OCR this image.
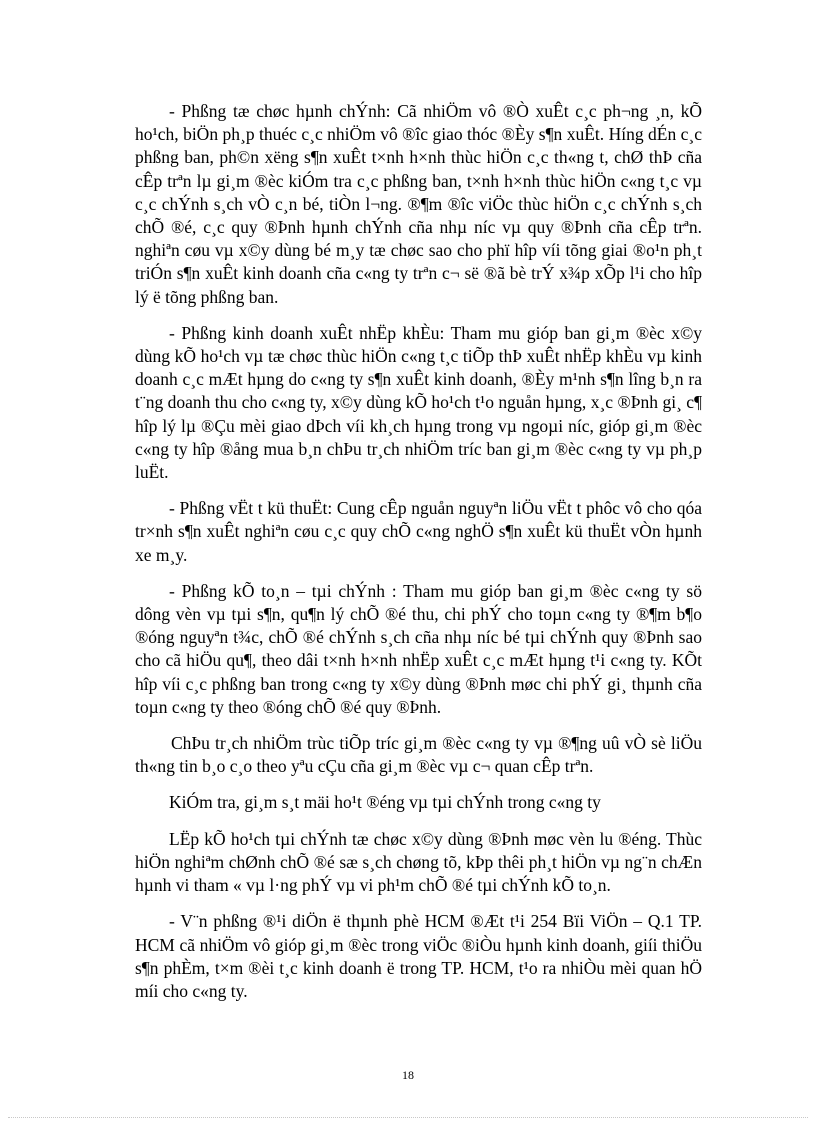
- Phßng tæ chøc hµnh chÝnh: Cã nhiÖm vô ®Ò xuÊt c¸c ph¬ng ¸n, kÕ ho¹ch, biÖn ph¸p thuéc c¸c nhiÖm vô ®îc giao thóc ®Èy s¶n xuÊt. Híng dÉn c¸c phßng ban, ph©n xëng s¶n xuÊt t×nh h×nh thùc hiÖn c¸c th«ng t, chØ thÞ cña cÊp trªn lµ gi¸m ®èc kiÓm tra c¸c phßng ban, t×nh h×nh thùc hiÖn c«ng t¸c vµ c¸c chÝnh s¸ch vÒ c¸n bé, tiÒn l¬ng. ®¶m ®îc viÖc thùc hiÖn c¸c chÝnh s¸ch chÕ ®é, c¸c quy ®Þnh hµnh chÝnh cña nhµ níc vµ quy ®Þnh cña cÊp trªn. nghiªn cøu vµ x©y dùng bé m¸y tæ chøc sao cho phï hîp víi tõng giai ®o¹n ph¸t triÓn s¶n xuÊt kinh doanh cña c«ng ty trªn c¬ së ®ã bè trÝ x¾p xÕp l¹i cho hîp lý ë tõng phßng ban.

- Phßng kinh doanh xuÊt nhËp khÈu: Tham mu gióp ban gi¸m ®èc x©y dùng kÕ ho¹ch vµ tæ chøc thùc hiÖn c«ng t¸c tiÕp thÞ xuÊt nhËp khÈu vµ kinh doanh c¸c mÆt hµng do c«ng ty s¶n xuÊt kinh doanh, ®Èy m¹nh s¶n lîng b¸n ra t¨ng doanh thu cho c«ng ty, x©y dùng kÕ ho¹ch t¹o nguån hµng, x¸c ®Þnh gi¸ c¶ hîp lý lµ ®Çu mèi giao dÞch víi kh¸ch hµng trong vµ ngoµi níc, gióp gi¸m ®èc c«ng ty hîp ®ång mua b¸n chÞu tr¸ch nhiÖm tríc ban gi¸m ®èc c«ng ty vµ ph¸p luËt.

- Phßng vËt t kü thuËt: Cung cÊp nguån nguyªn liÖu vËt t phôc vô cho qóa tr×nh s¶n xuÊt nghiªn cøu c¸c quy chÕ c«ng nghÖ s¶n xuÊt kü thuËt vÒn hµnh xe m¸y.

- Phßng kÕ to¸n – tµi chÝnh : Tham mu gióp ban gi¸m ®èc c«ng ty sö dông vèn vµ tµi s¶n, qu¶n lý chÕ ®é thu, chi phÝ cho toµn c«ng ty ®¶m b¶o ®óng nguyªn t¾c, chÕ ®é chÝnh s¸ch cña nhµ níc bé tµi chÝnh quy ®Þnh sao cho cã hiÖu qu¶, theo dâi t×nh h×nh nhËp xuÊt c¸c mÆt hµng t¹i c«ng ty. KÕt hîp víi c¸c phßng ban trong c«ng ty x©y dùng ®Þnh møc chi phÝ gi¸ thµnh cña toµn c«ng ty theo ®óng chÕ ®é quy ®Þnh.

ChÞu tr¸ch nhiÖm trùc tiÕp tríc gi¸m ®èc c«ng ty vµ ®¶ng uû vÒ sè liÖu th«ng tin b¸o c¸o theo yªu cÇu cña gi¸m ®èc vµ c¬ quan cÊp trªn.

KiÓm tra, gi¸m s¸t mäi ho¹t ®éng vµ tµi chÝnh trong c«ng ty

LËp kÕ ho¹ch tµi chÝnh tæ chøc x©y dùng ®Þnh møc vèn lu ®éng. Thùc hiÖn nghiªm chØnh chÕ ®é sæ s¸ch chøng tõ, kÞp thêi ph¸t hiÖn vµ ng¨n chÆn hµnh vi tham « vµ l·ng phÝ vµ vi ph¹m chÕ ®é tµi chÝnh kÕ to¸n.

- V¨n phßng ®¹i diÖn ë thµnh phè HCM ®Æt t¹i 254 Bïi ViÖn – Q.1 TP. HCM cã nhiÖm vô gióp gi¸m ®èc trong viÖc ®iÒu hµnh kinh doanh, giíi thiÖu s¶n phÈm, t×m ®èi t¸c kinh doanh ë trong TP. HCM, t¹o ra nhiÒu mèi quan hÖ míi cho c«ng ty.

18
